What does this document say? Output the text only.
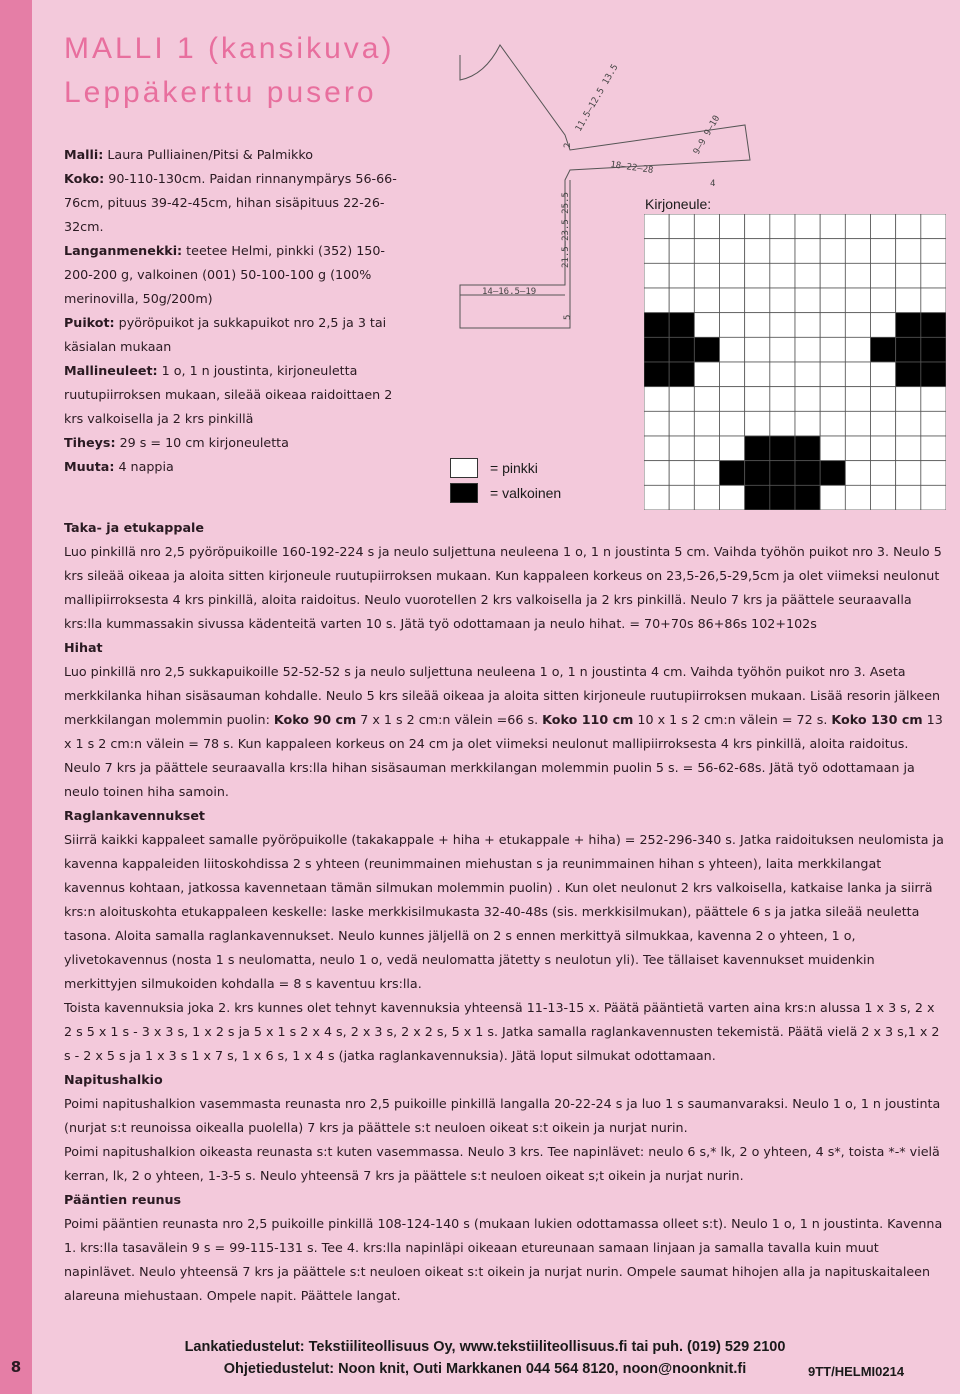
8
MALLI 1 (kansikuva)
Leppäkerttu pusero

Malli: Laura Pulliainen/Pitsi & Palmikko

Koko: 90-110-130cm. Paidan rinnanympärys 56-66-76cm, pituus 39-42-45cm, hihan sisäpituus 22-26-32cm.

Langanmenekki: teetee Helmi, pinkki (352) 150-200-200 g, valkoinen (001) 50-100-100 g (100% merinovilla, 50g/200m)

Puikot: pyöröpuikot ja sukkapuikot nro 2,5 ja 3 tai käsialan mukaan

Mallineuleet: 1 o, 1 n joustinta, kirjoneuletta ruutupiirroksen mukaan, sileää oikeaa raidoittaen 2 krs valkoisella ja 2 krs pinkillä

Tiheys: 29 s = 10 cm kirjoneuletta

Muuta: 4 nappia

11.5–12.5 13.5
2
18–22–28
9–9 9–10
4
21.5–23.5–25.5
14–16.5–19
5
Kirjoneule:
= pinkki
= valkoinen
Taka- ja etukappale

Luo pinkillä nro 2,5 pyöröpuikoille 160-192-224 s ja neulo suljettuna neuleena 1 o, 1 n joustinta 5 cm. Vaihda työhön puikot nro 3. Neulo 5 krs sileää oikeaa ja aloita sitten kirjoneule ruutupiirroksen mukaan. Kun kappaleen korkeus on 23,5-26,5-29,5cm ja olet viimeksi neulonut mallipiirroksesta 4 krs pinkillä, aloita raidoitus. Neulo vuorotellen 2 krs valkoisella ja 2 krs pinkillä. Neulo 7 krs ja päättele seuraavalla krs:lla kummassakin sivussa kädenteitä varten 10 s. Jätä työ odottamaan ja neulo hihat. = 70+70s 86+86s 102+102s

Hihat

Luo pinkillä nro 2,5 sukkapuikoille 52-52-52 s ja neulo suljettuna neuleena 1 o, 1 n joustinta 4 cm. Vaihda työhön puikot nro 3. Aseta merkkilanka hihan sisäsauman kohdalle. Neulo 5 krs sileää oikeaa ja aloita sitten kirjoneule ruutupiirroksen mukaan. Lisää resorin jälkeen merkkilangan molemmin puolin: Koko 90 cm 7 x 1 s 2 cm:n välein =66 s. Koko 110 cm 10 x 1 s 2 cm:n välein = 72 s. Koko 130 cm 13 x 1 s 2 cm:n välein = 78 s. Kun kappaleen korkeus on 24 cm ja olet viimeksi neulonut mallipiirroksesta 4 krs pinkillä, aloita raidoitus. Neulo 7 krs ja päättele seuraavalla krs:lla hihan sisäsauman merkkilangan molemmin puolin 5 s. = 56-62-68s. Jätä työ odottamaan ja neulo toinen hiha samoin.

Raglankavennukset

Siirrä kaikki kappaleet samalle pyöröpuikolle (takakappale + hiha + etukappale + hiha) = 252-296-340 s. Jatka raidoituksen neulomista ja kavenna kappaleiden liitoskohdissa 2 s yhteen (reunimmainen miehustan s ja reunimmainen hihan s yhteen), laita merkkilangat kavennus kohtaan, jatkossa kavennetaan tämän silmukan molemmin puolin) . Kun olet neulonut 2 krs valkoisella, katkaise lanka ja siirrä krs:n aloituskohta etukappaleen keskelle: laske merkkisilmukasta 32-40-48s (sis. merkkisilmukan), päättele 6 s ja jatka sileää neuletta tasona. Aloita samalla raglankavennukset. Neulo kunnes jäljellä on 2 s ennen merkittyä silmukkaa, kavenna 2 o yhteen, 1 o, ylivetokavennus (nosta 1 s neulomatta, neulo 1 o, vedä neulomatta jätetty s neulotun yli). Tee tällaiset kavennukset muidenkin merkittyjen silmukoiden kohdalla = 8 s kaventuu krs:lla.

Toista kavennuksia joka 2. krs kunnes olet tehnyt kavennuksia yhteensä 11-13-15 x. Päätä pääntietä varten aina krs:n alussa 1 x 3 s, 2 x 2 s 5 x 1 s - 3 x 3 s, 1 x 2 s ja 5 x 1 s 2 x 4 s, 2 x 3 s, 2 x 2 s, 5 x 1 s. Jatka samalla raglankavennusten tekemistä. Päätä vielä 2 x 3 s,1 x 2 s - 2 x 5 s ja 1 x 3 s 1 x 7 s, 1 x 6 s, 1 x 4 s (jatka raglankavennuksia). Jätä loput silmukat odottamaan.

Napitushalkio

Poimi napitushalkion vasemmasta reunasta nro 2,5 puikoille pinkillä langalla 20-22-24 s ja luo 1 s saumanvaraksi. Neulo 1 o, 1 n joustinta (nurjat s:t reunoissa oikealla puolella) 7 krs ja päättele s:t neuloen oikeat s:t oikein ja nurjat nurin.

Poimi napitushalkion oikeasta reunasta s:t kuten vasemmassa. Neulo 3 krs. Tee napinlävet: neulo 6 s,* lk, 2 o yhteen, 4 s*, toista *-* vielä kerran, lk, 2 o yhteen, 1-3-5 s. Neulo yhteensä 7 krs ja päättele s:t neuloen oikeat s;t oikein ja nurjat nurin.

Pääntien reunus

Poimi pääntien reunasta nro 2,5 puikoille pinkillä 108-124-140 s (mukaan lukien odottamassa olleet s:t). Neulo 1 o, 1 n joustinta. Kavenna 1. krs:lla tasavälein 9 s = 99-115-131 s. Tee 4. krs:lla napinläpi oikeaan etureunaan samaan linjaan ja samalla tavalla kuin muut napinlävet. Neulo yhteensä 7 krs ja päättele s:t neuloen oikeat s:t oikein ja nurjat nurin. Ompele saumat hihojen alla ja napituskaitaleen alareuna miehustaan. Ompele napit. Päättele langat.

Lankatiedustelut: Tekstiiliteollisuus Oy, www.tekstiiliteollisuus.fi tai puh. (019) 529 2100
Ohjetiedustelut: Noon knit, Outi Markkanen 044 564 8120, noon@noonknit.fi	9TT/HELMI0214
